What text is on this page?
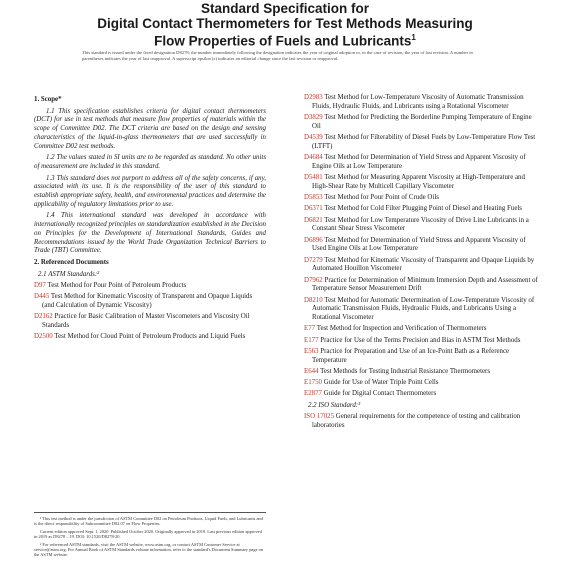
Standard Specification for
Digital Contact Thermometers for Test Methods Measuring
Flow Properties of Fuels and Lubricants$^1$
This standard is issued under the fixed designation D8278; the number immediately following the designation indicates the year of original adoption or, in the case of revision, the year of last revision. A number in parentheses indicates the year of last reapproval. A superscript epsilon (ε) indicates an editorial change since the last revision or reapproval.
1. Scope*

1.1 This specification establishes criteria for digital contact thermometers (DCT) for use in test methods that measure flow properties of materials within the scope of Committee D02. The DCT criteria are based on the design and sensing characteristics of the liquid-in-glass thermometers that are used successfully in Committee D02 test methods.

1.2 The values stated in SI units are to be regarded as standard. No other units of measurement are included in this standard.

1.3 This standard does not purport to address all of the safety concerns, if any, associated with its use. It is the responsibility of the user of this standard to establish appropriate safety, health, and environmental practices and determine the applicability of regulatory limitations prior to use.

1.4 This international standard was developed in accordance with internationally recognized principles on standardization established in the Decision on Principles for the Development of International Standards, Guides and Recommendations issued by the World Trade Organization Technical Barriers to Trade (TBT) Committee.

2. Referenced Documents
2.1 ASTM Standards:²
D97 Test Method for Pour Point of Petroleum Products
D445 Test Method for Kinematic Viscosity of Transparent and Opaque Liquids (and Calculation of Dynamic Viscosity)
D2162 Practice for Basic Calibration of Master Viscometers and Viscosity Oil Standards
D2500 Test Method for Cloud Point of Petroleum Products and Liquid Fuels
D2983 Test Method for Low-Temperature Viscosity of Automatic Transmission Fluids, Hydraulic Fluids, and Lubricants using a Rotational Viscometer
D3829 Test Method for Predicting the Borderline Pumping Temperature of Engine Oil
D4539 Test Method for Filterability of Diesel Fuels by Low-Temperature Flow Test (LTFT)
D4684 Test Method for Determination of Yield Stress and Apparent Viscosity of Engine Oils at Low Temperature
D5481 Test Method for Measuring Apparent Viscosity at High-Temperature and High-Shear Rate by Multicell Capillary Viscometer
D5853 Test Method for Pour Point of Crude Oils
D6371 Test Method for Cold Filter Plugging Point of Diesel and Heating Fuels
D6821 Test Method for Low Temperature Viscosity of Drive Line Lubricants in a Constant Shear Stress Viscometer
D6896 Test Method for Determination of Yield Stress and Apparent Viscosity of Used Engine Oils at Low Temperature
D7279 Test Method for Kinematic Viscosity of Transparent and Opaque Liquids by Automated Houillon Viscometer
D7962 Practice for Determination of Minimum Immersion Depth and Assessment of Temperature Sensor Measurement Drift
D8210 Test Method for Automatic Determination of Low-Temperature Viscosity of Automatic Transmission Fluids, Hydraulic Fluids, and Lubricants Using a Rotational Viscometer
E77 Test Method for Inspection and Verification of Thermometers
E177 Practice for Use of the Terms Precision and Bias in ASTM Test Methods
E563 Practice for Preparation and Use of an Ice-Point Bath as a Reference Temperature
E644 Test Methods for Testing Industrial Resistance Thermometers
E1750 Guide for Use of Water Triple Point Cells
E2877 Guide for Digital Contact Thermometers
2.2 ISO Standard:³
ISO 17025 General requirements for the competence of testing and calibration laboratories

¹ This test method is under the jurisdiction of ASTM Committee D02 on Petroleum Products, Liquid Fuels, and Lubricants and is the direct responsibility of Subcommittee D02.07 on Flow Properties.

Current edition approved Sept. 1, 2020. Published October 2020. Originally approved in 2019. Last previous edition approved in 2019 as D8278 – 19. DOI: 10.1520/D8278-20.

² For referenced ASTM standards, visit the ASTM website, www.astm.org, or contact ASTM Customer Service at service@astm.org. For Annual Book of ASTM Standards volume information, refer to the standard's Document Summary page on the ASTM website.
